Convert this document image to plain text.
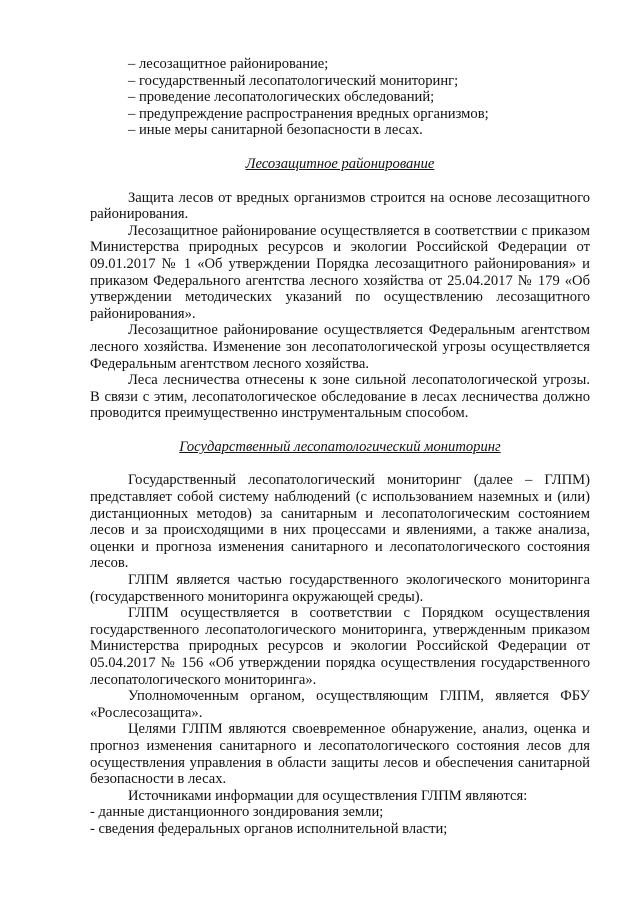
– лесозащитное районирование;

– государственный лесопатологический мониторинг;

– проведение лесопатологических обследований;

– предупреждение распространения вредных организмов;

– иные меры санитарной безопасности в лесах.

Лесозащитное районирование

Защита лесов от вредных организмов строится на основе лесозащитного районирования.

Лесозащитное районирование осуществляется в соответствии с приказом Министерства природных ресурсов и экологии Российской Федерации от 09.01.2017 № 1 «Об утверждении Порядка лесозащитного районирования» и приказом Федерального агентства лесного хозяйства от 25.04.2017 № 179 «Об утверждении методических указаний по осуществлению лесозащитного районирования».

Лесозащитное районирование осуществляется Федеральным агентством лесного хозяйства. Изменение зон лесопатологической угрозы осуществляется Федеральным агентством лесного хозяйства.

Леса лесничества отнесены к зоне сильной лесопатологической угрозы. В связи с этим, лесопатологическое обследование в лесах лесничества должно проводится преимущественно инструментальным способом.

Государственный лесопатологический мониторинг

Государственный лесопатологический мониторинг (далее – ГЛПМ) представляет собой систему наблюдений (с использованием наземных и (или) дистанционных методов) за санитарным и лесопатологическим состоянием лесов и за происходящими в них процессами и явлениями, а также анализа, оценки и прогноза изменения санитарного и лесопатологического состояния лесов.

ГЛПМ является частью государственного экологического мониторинга (государственного мониторинга окружающей среды).

ГЛПМ осуществляется в соответствии с Порядком осуществления государственного лесопатологического мониторинга, утвержденным приказом Министерства природных ресурсов и экологии Российской Федерации от 05.04.2017 № 156 «Об утверждении порядка осуществления государственного лесопатологического мониторинга».

Уполномоченным органом, осуществляющим ГЛПМ, является ФБУ «Рослесозащита».

Целями ГЛПМ являются своевременное обнаружение, анализ, оценка и прогноз изменения санитарного и лесопатологического состояния лесов для осуществления управления в области защиты лесов и обеспечения санитарной безопасности в лесах.

Источниками информации для осуществления ГЛПМ являются:

- данные дистанционного зондирования земли;

- сведения федеральных органов исполнительной власти;
